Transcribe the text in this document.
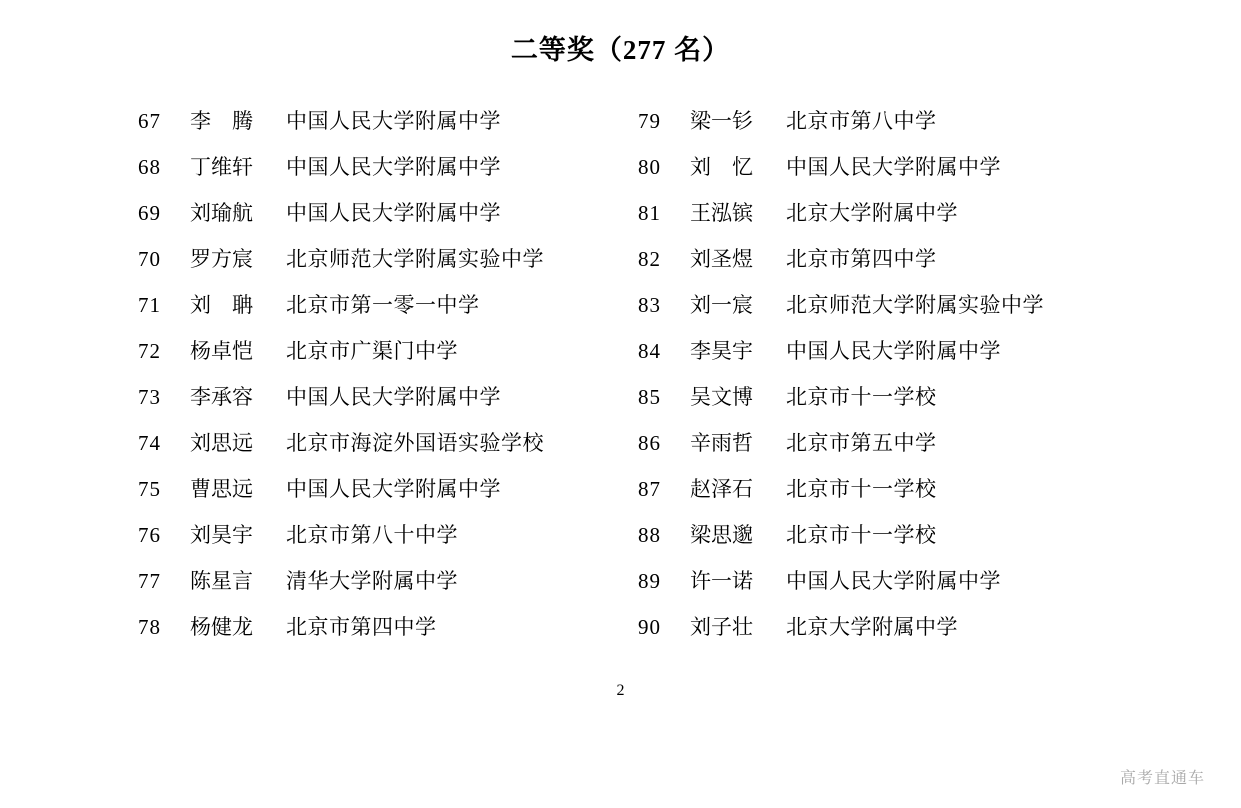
二等奖（277 名）
67	李　腾	中国人民大学附属中学
68	丁维轩	中国人民大学附属中学
69	刘瑜航	中国人民大学附属中学
70	罗方宸	北京师范大学附属实验中学
71	刘　聃	北京市第一零一中学
72	杨卓恺	北京市广渠门中学
73	李承容	中国人民大学附属中学
74	刘思远	北京市海淀外国语实验学校
75	曹思远	中国人民大学附属中学
76	刘昊宇	北京市第八十中学
77	陈星言	清华大学附属中学
78	杨健龙	北京市第四中学
79	梁一钐	北京市第八中学
80	刘　忆	中国人民大学附属中学
81	王泓镔	北京大学附属中学
82	刘圣煜	北京市第四中学
83	刘一宸	北京师范大学附属实验中学
84	李昊宇	中国人民大学附属中学
85	吴文博	北京市十一学校
86	辛雨哲	北京市第五中学
87	赵泽石	北京市十一学校
88	梁思邈	北京市十一学校
89	许一诺	中国人民大学附属中学
90	刘子壮	北京大学附属中学
2
高考直通车
